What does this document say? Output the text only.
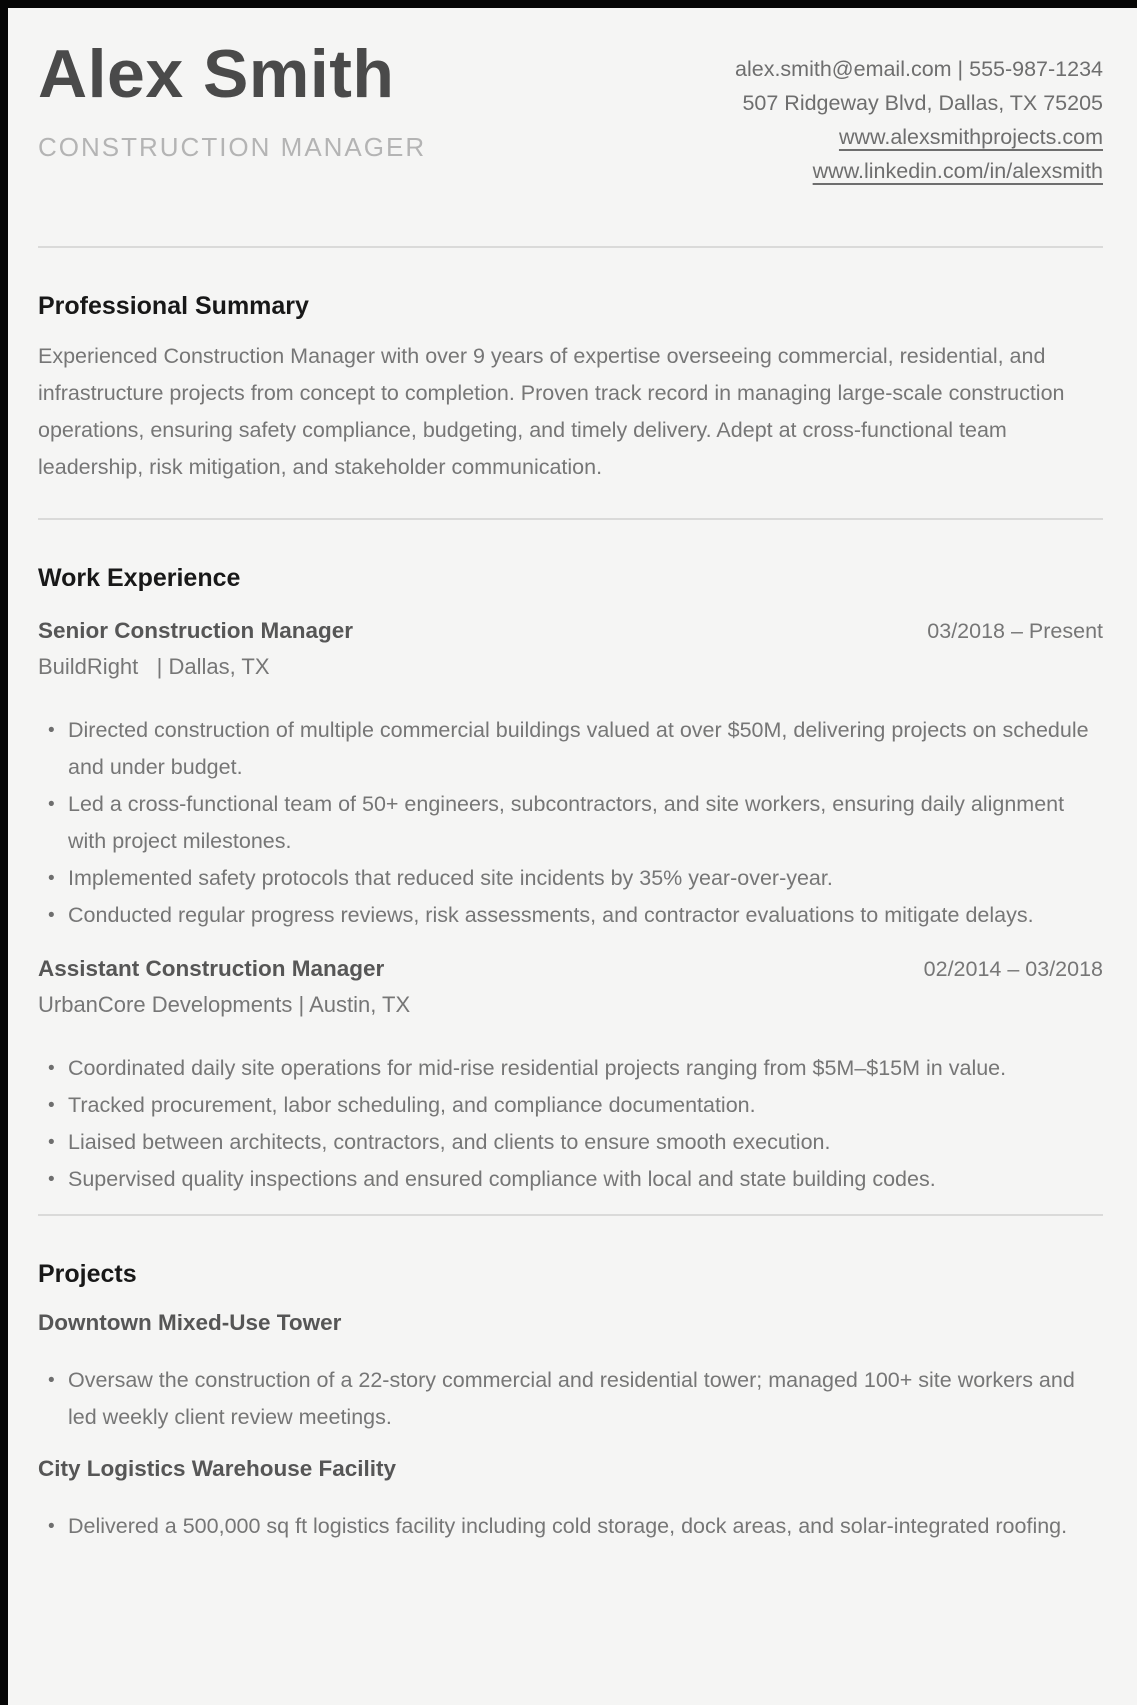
Alex Smith
CONSTRUCTION MANAGER
alex.smith@email.com | 555-987-1234
507 Ridgeway Blvd, Dallas, TX 75205
www.alexsmithprojects.com
www.linkedin.com/in/alexsmith
Professional Summary

Experienced Construction Manager with over 9 years of expertise overseeing commercial, residential, and infrastructure projects from concept to completion. Proven track record in managing large-scale construction operations, ensuring safety compliance, budgeting, and timely delivery. Adept at cross-functional team leadership, risk mitigation, and stakeholder communication.

Work Experience
Senior Construction Manager	03/2018 – Present
BuildRight   | Dallas, TX
• Directed construction of multiple commercial buildings valued at over $50M, delivering projects on schedule and under budget.
• Led a cross-functional team of 50+ engineers, subcontractors, and site workers, ensuring daily alignment with project milestones.
• Implemented safety protocols that reduced site incidents by 35% year-over-year.
• Conducted regular progress reviews, risk assessments, and contractor evaluations to mitigate delays.
Assistant Construction Manager	02/2014 – 03/2018
UrbanCore Developments | Austin, TX
• Coordinated daily site operations for mid-rise residential projects ranging from $5M–$15M in value.
• Tracked procurement, labor scheduling, and compliance documentation.
• Liaised between architects, contractors, and clients to ensure smooth execution.
• Supervised quality inspections and ensured compliance with local and state building codes.
Projects
Downtown Mixed-Use Tower
• Oversaw the construction of a 22-story commercial and residential tower; managed 100+ site workers and led weekly client review meetings.
City Logistics Warehouse Facility
• Delivered a 500,000 sq ft logistics facility including cold storage, dock areas, and solar-integrated roofing.
